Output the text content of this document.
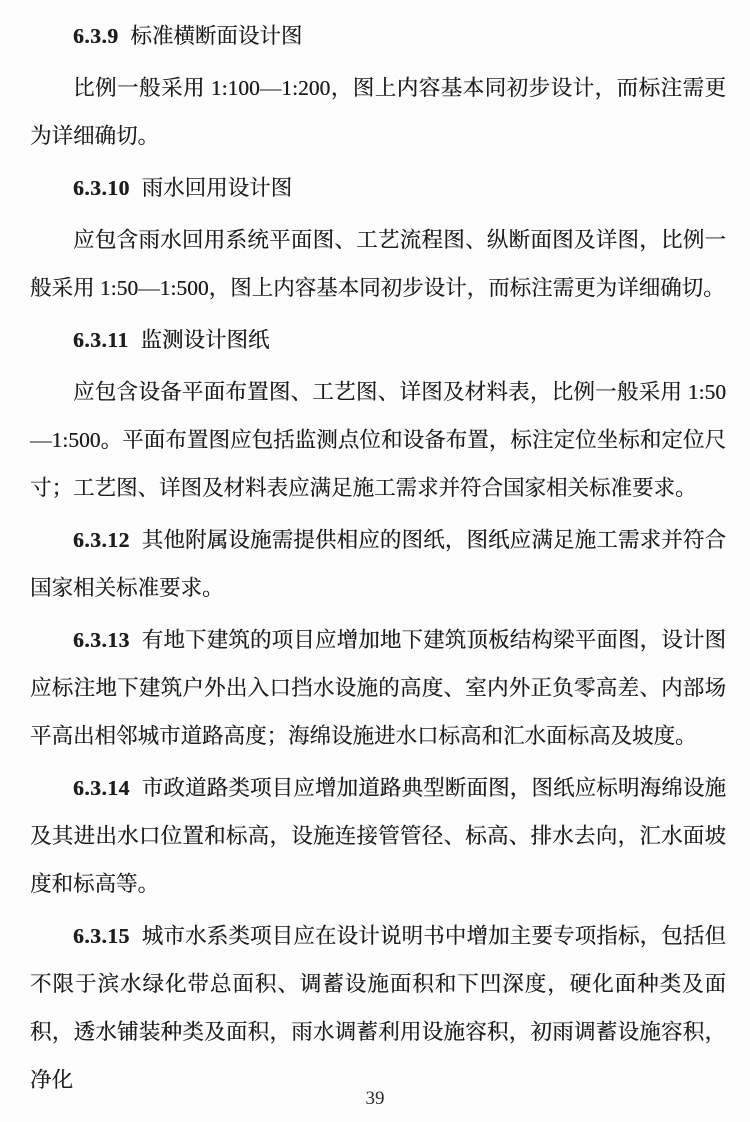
6.3.9 标准横断面设计图

比例一般采用 1:100—1:200，图上内容基本同初步设计，而标注需更为详细确切。

6.3.10 雨水回用设计图

应包含雨水回用系统平面图、工艺流程图、纵断面图及详图，比例一般采用 1:50—1:500，图上内容基本同初步设计，而标注需更为详细确切。

6.3.11 监测设计图纸

应包含设备平面布置图、工艺图、详图及材料表，比例一般采用 1:50—1:500。平面布置图应包括监测点位和设备布置，标注定位坐标和定位尺寸；工艺图、详图及材料表应满足施工需求并符合国家相关标准要求。

6.3.12 其他附属设施需提供相应的图纸，图纸应满足施工需求并符合国家相关标准要求。

6.3.13 有地下建筑的项目应增加地下建筑顶板结构梁平面图，设计图应标注地下建筑户外出入口挡水设施的高度、室内外正负零高差、内部场平高出相邻城市道路高度；海绵设施进水口标高和汇水面标高及坡度。

6.3.14 市政道路类项目应增加道路典型断面图，图纸应标明海绵设施及其进出水口位置和标高，设施连接管管径、标高、排水去向，汇水面坡度和标高等。

6.3.15 城市水系类项目应在设计说明书中增加主要专项指标，包括但不限于滨水绿化带总面积、调蓄设施面积和下凹深度，硬化面种类及面积，透水铺装种类及面积，雨水调蓄利用设施容积，初雨调蓄设施容积，净化

39
